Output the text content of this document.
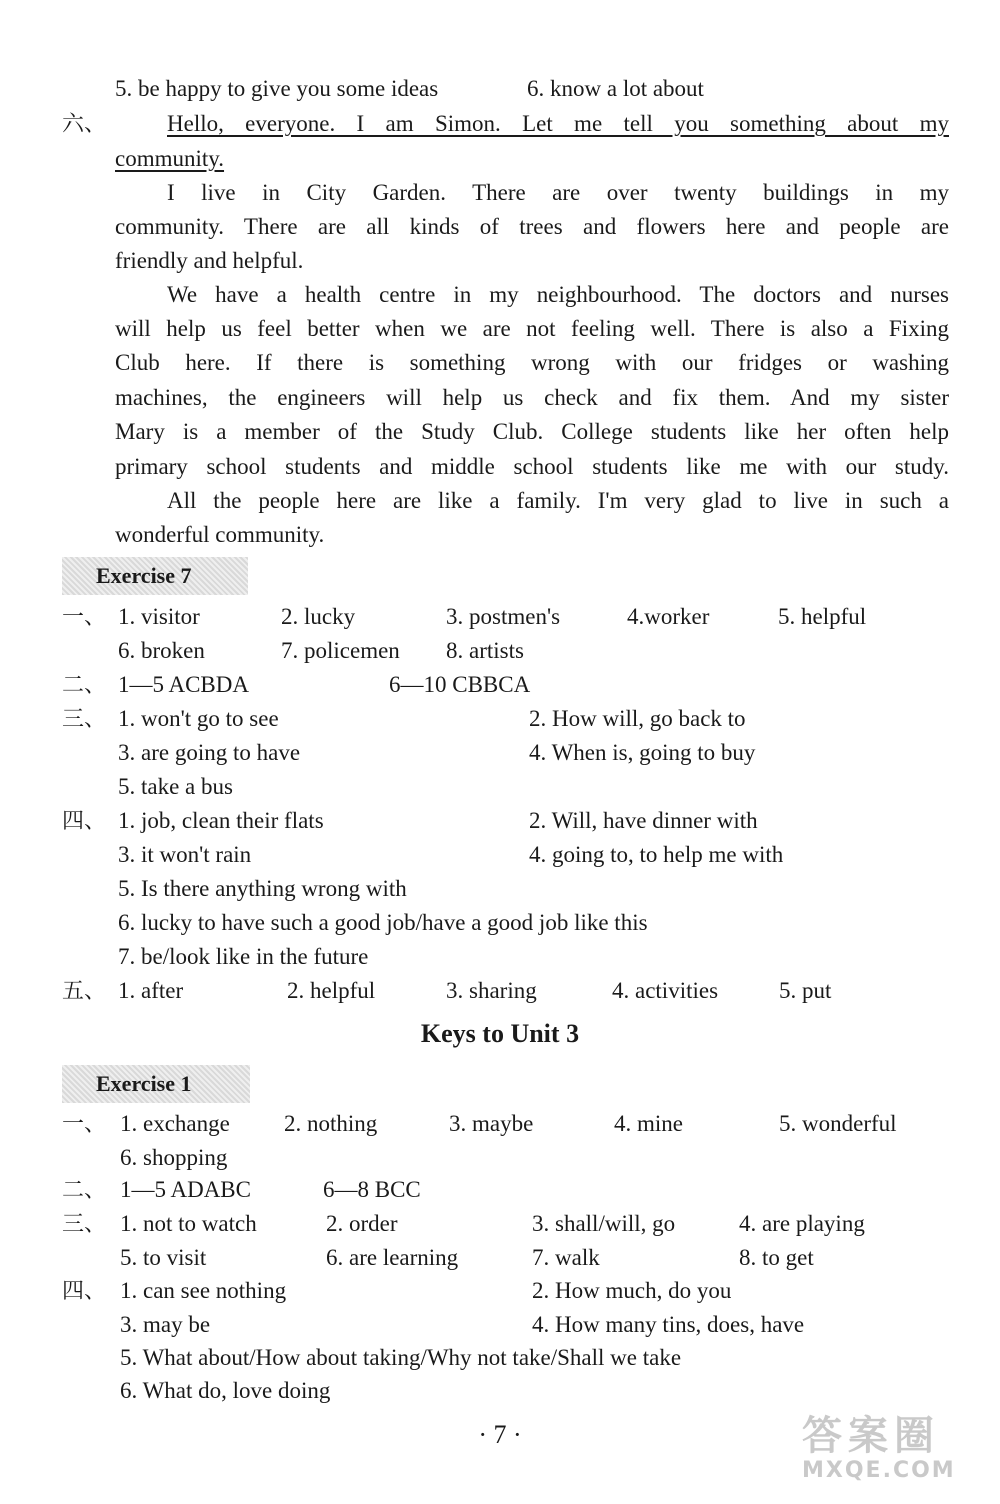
5. be happy to give you some ideas	6. know a lot about
六、	Hello, everyone. I am Simon. Let me tell you something about my
community.
I live in City Garden. There are over twenty buildings in my
community. There are all kinds of trees and flowers here and people are
friendly and helpful.
We have a health centre in my neighbourhood. The doctors and nurses
will help us feel better when we are not feeling well. There is also a Fixing
Club here. If there is something wrong with our fridges or washing
machines, the engineers will help us check and fix them. And my sister
Mary is a member of the Study Club. College students like her often help
primary school students and middle school students like me with our study.
All the people here are like a family. I'm very glad to live in such a
wonderful community.
Exercise 7
一、 1. visitor	2. lucky	3. postmen's	4.worker	5. helpful
6. broken	7. policemen 8. artists
二、 1—5 ACBDA	6—10 CBBCA
三、 1. won't go to see	2. How will, go back to
3. are going to have	4. When is, going to buy
5. take a bus
四、 1. job, clean their flats	2. Will, have dinner with
3. it won't rain	4. going to, to help me with
5. Is there anything wrong with
6. lucky to have such a good job/have a good job like this
7. be/look like in the future
五、 1. after	2. helpful	3. sharing	4. activities	5. put
Keys to Unit 3
Exercise 1
一、 1. exchange 2. nothing	3. maybe	4. mine	5. wonderful
6. shopping
二、 1—5 ADABC	6—8 BCC
三、 1. not to watch	2. order	3. shall/will, go	4. are playing
5. to visit	6. are learning	7. walk	8. to get
四、 1. can see nothing	2. How much, do you
3. may be	4. How many tins, does, have
5. What about/How about taking/Why not take/Shall we take
6. What do, love doing
· 7 ·	答案圈
MXQE.COM
